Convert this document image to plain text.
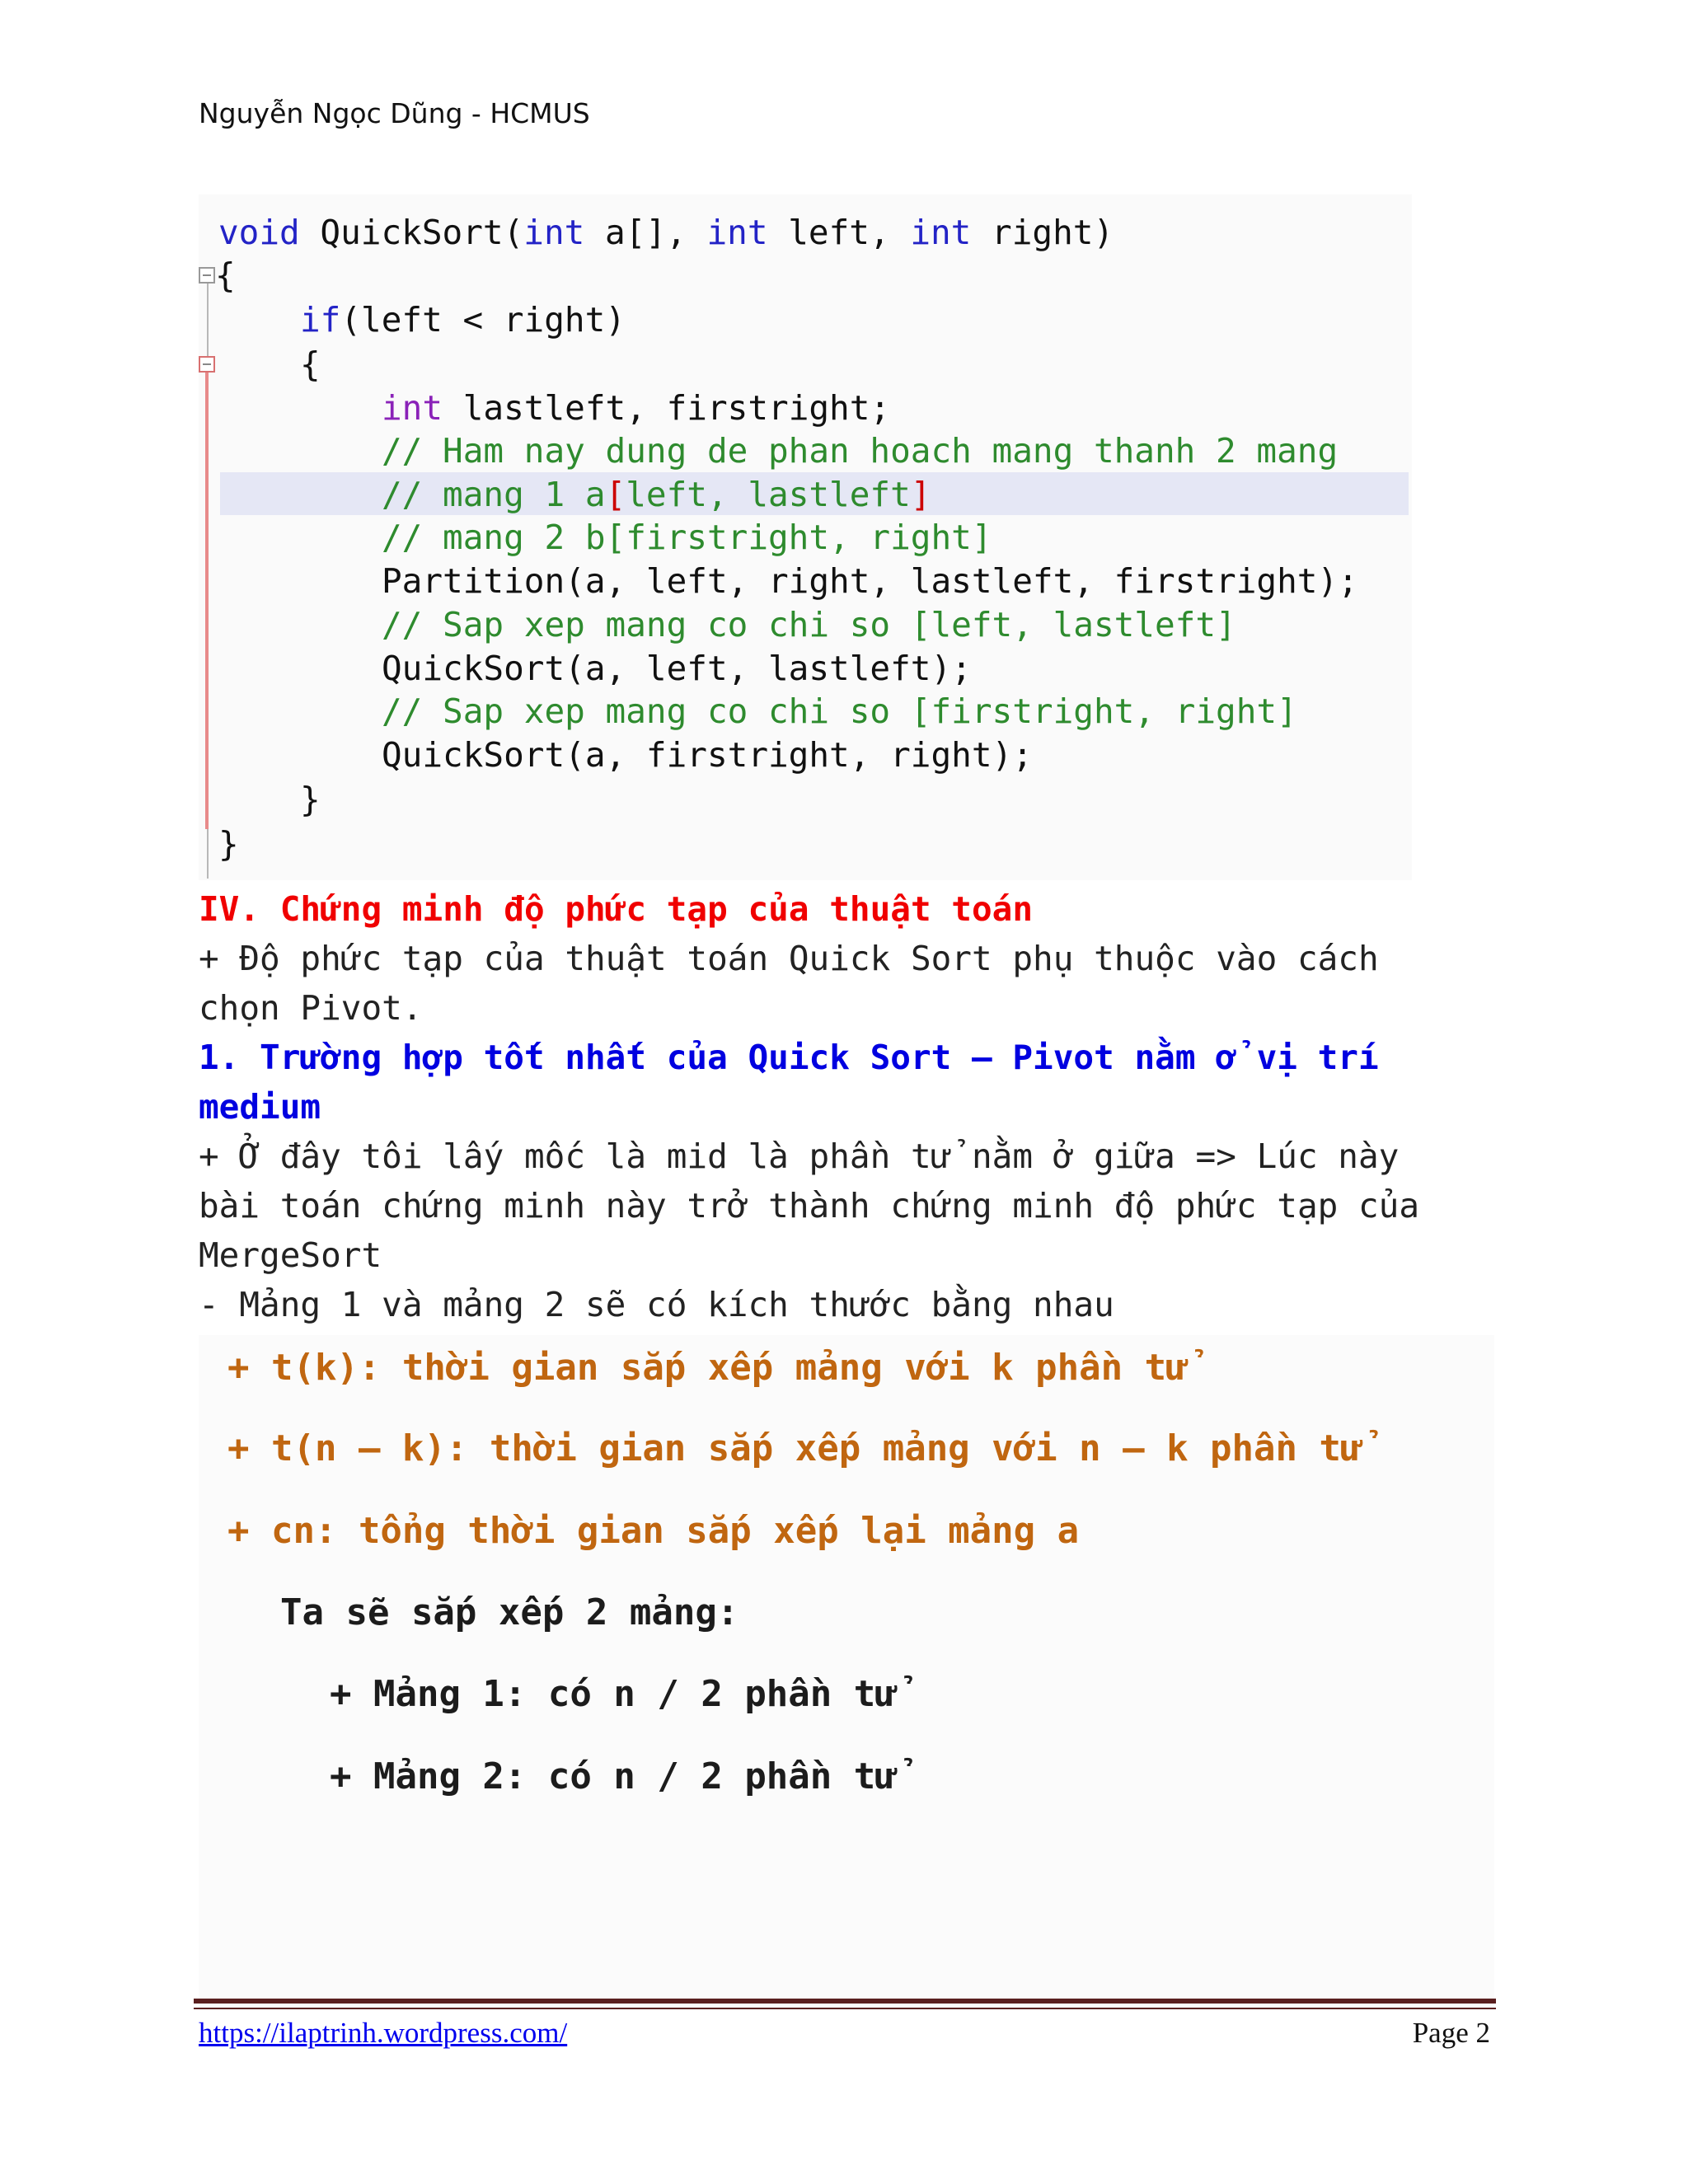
Nguyễn Ngọc Dũng - HCMUS
void QuickSort(int a[], int left, int right)
{
if(left < right)
{
int lastleft, firstright;
// Ham nay dung de phan hoach mang thanh 2 mang
// mang 1 a[left, lastleft]
// mang 2 b[firstright, right]
Partition(a, left, right, lastleft, firstright);
// Sap xep mang co chi so [left, lastleft]
QuickSort(a, left, lastleft);
// Sap xep mang co chi so [firstright, right]
QuickSort(a, firstright, right);
}
}
IV. Chứng minh độ phức tạp của thuật toán
+ Độ phức tạp của thuật toán Quick Sort phụ thuộc vào cách
chọn Pivot.
1. Trường hợp tốt nhất của Quick Sort – Pivot nằm ở vị trí
medium
+ Ở đây tôi lấy mốc là mid là phần tử nằm ở giữa => Lúc này
bài toán chứng minh này trở thành chứng minh độ phức tạp của
MergeSort
- Mảng 1 và mảng 2 sẽ có kích thước bằng nhau
+ t(k): thời gian sắp xếp mảng với k phần tử
+ t(n – k): thời gian sắp xếp mảng với n – k phần tử
+ cn: tổng thời gian sắp xếp lại mảng a
Ta sẽ sắp xếp 2 mảng:
+ Mảng 1: có n / 2 phần tử
+ Mảng 2: có n / 2 phần tử
https://ilaptrinh.wordpress.com/	Page 2
